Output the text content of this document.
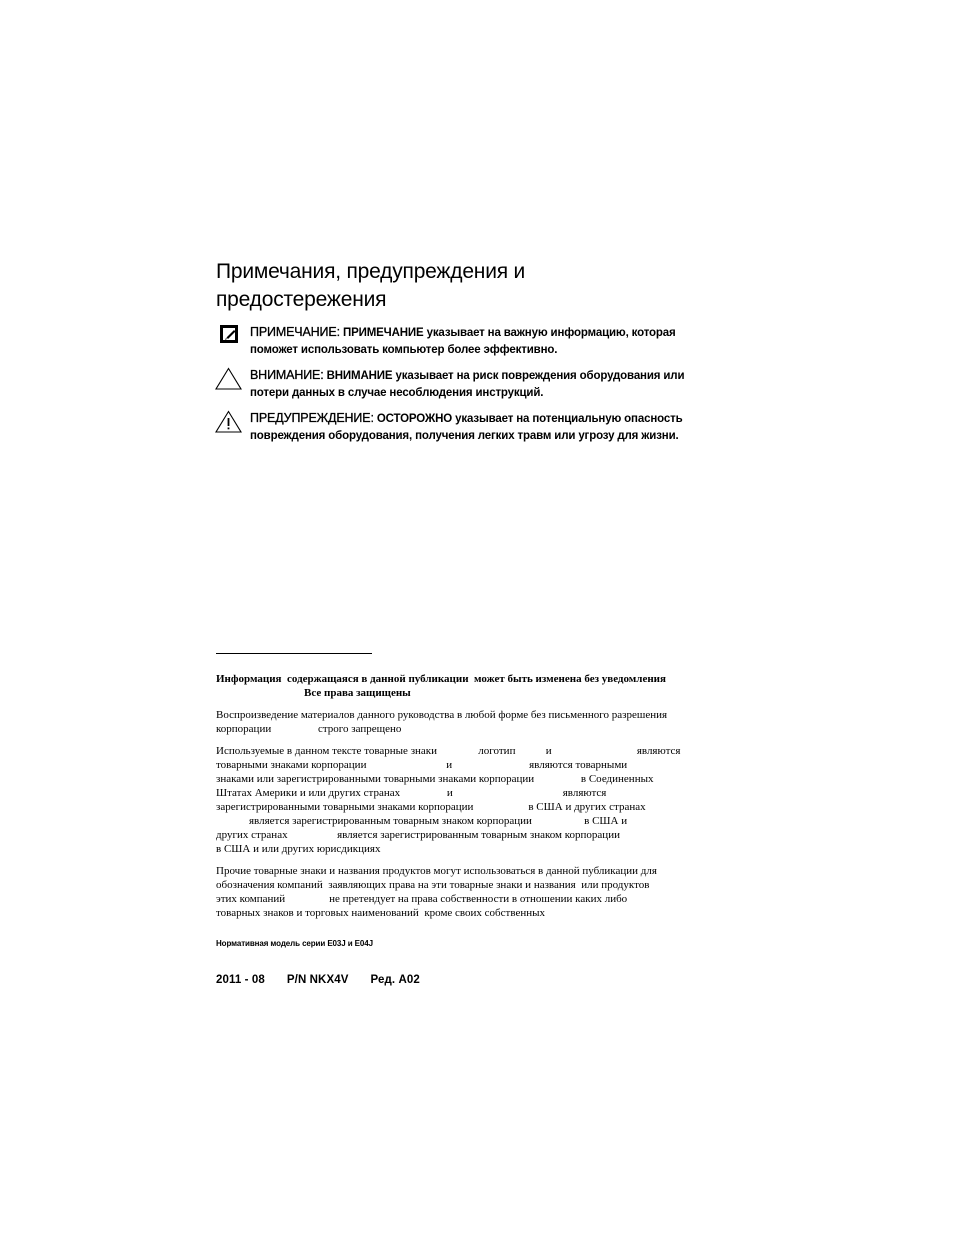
Примечания, предупреждения и
предостережения
ПРИМЕЧАНИЕ: ПРИМЕЧАНИЕ указывает на важную информацию, которая
поможет использовать компьютер более эффективно.
ВНИМАНИЕ: ВНИМАНИЕ указывает на риск повреждения оборудования или
потери данных в случае несоблюдения инструкций.
ПРЕДУПРЕЖДЕНИЕ: ОСТОРОЖНО указывает на потенциальную опасность
повреждения оборудования, получения легких травм или угрозу для жизни.
Информация  содержащаяся в данной публикации  может быть изменена без уведомления
Все права защищены
Воспроизведение материалов данного руководства в любой форме без письменного разрешения
корпорации                 строго запрещено
Используемые в данном тексте товарные знаки               логотип           и                               являются
товарными знаками корпорации                             и                            являются товарными
знаками или зарегистрированными товарными знаками корпорации                 в Соединенных
Штатах Америки и или других странах                 и                                        являются
зарегистрированными товарными знаками корпорации                    в США и других странах
является зарегистрированным товарным знаком корпорации                   в США и
других странах                  является зарегистрированным товарным знаком корпорации
в США и или других юрисдикциях
Прочие товарные знаки и названия продуктов могут использоваться в данной публикации для
обозначения компаний  заявляющих права на эти товарные знаки и названия  или продуктов
этих компаний                не претендует на права собственности в отношении каких либо
товарных знаков и торговых наименований  кроме своих собственных
Нормативная модель серии E03J и E04J
2011 - 08 P/N NKX4V Ред. A02
